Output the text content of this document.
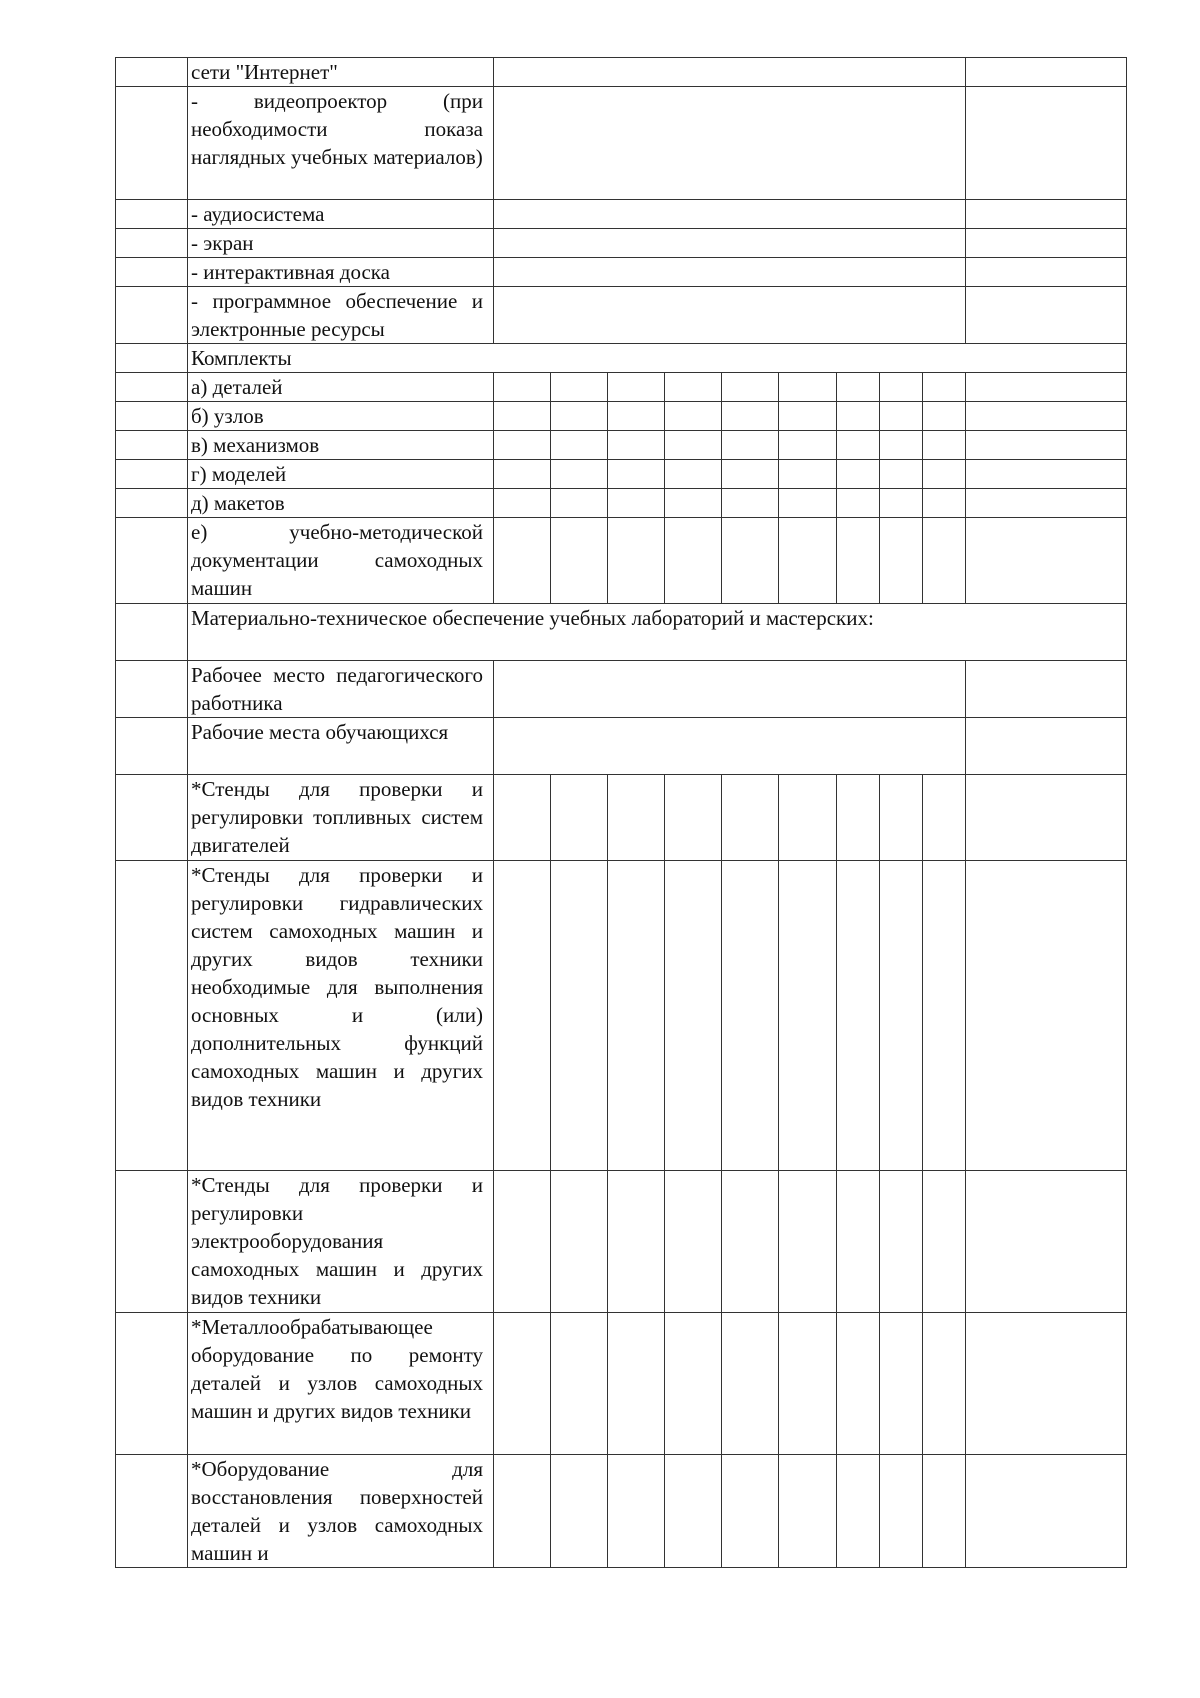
	сети "Интернет"										
	- видеопроектор (при необходимости показа наглядных учебных материалов)										
	- аудиосистема										
	- экран										
	- интерактивная доска										
	- программное обеспечение и электронные ресурсы										
	Комплекты										
	а) деталей										
	б) узлов										
	в) механизмов										
	г) моделей										
	д) макетов										
	е) учебно-методической документации самоходных машин										
	Материально-техническое обеспечение учебных лабораторий и мастерских:										
	Рабочее место педагогического работника										
	Рабочие места обучающихся										
	*Стенды для проверки и регулировки топливных систем двигателей										
	*Стенды для проверки и регулировки гидравлических систем самоходных машин и других видов техники необходимые для выполнения основных и (или) дополнительных функций самоходных машин и других видов техники										
	*Стенды для проверки и регулировки электрооборудования самоходных машин и других видов техники										
	*Металлообрабатывающее оборудование по ремонту деталей и узлов самоходных машин и других видов техники										
	*Оборудование для восстановления поверхностей деталей и узлов самоходных машин и										
